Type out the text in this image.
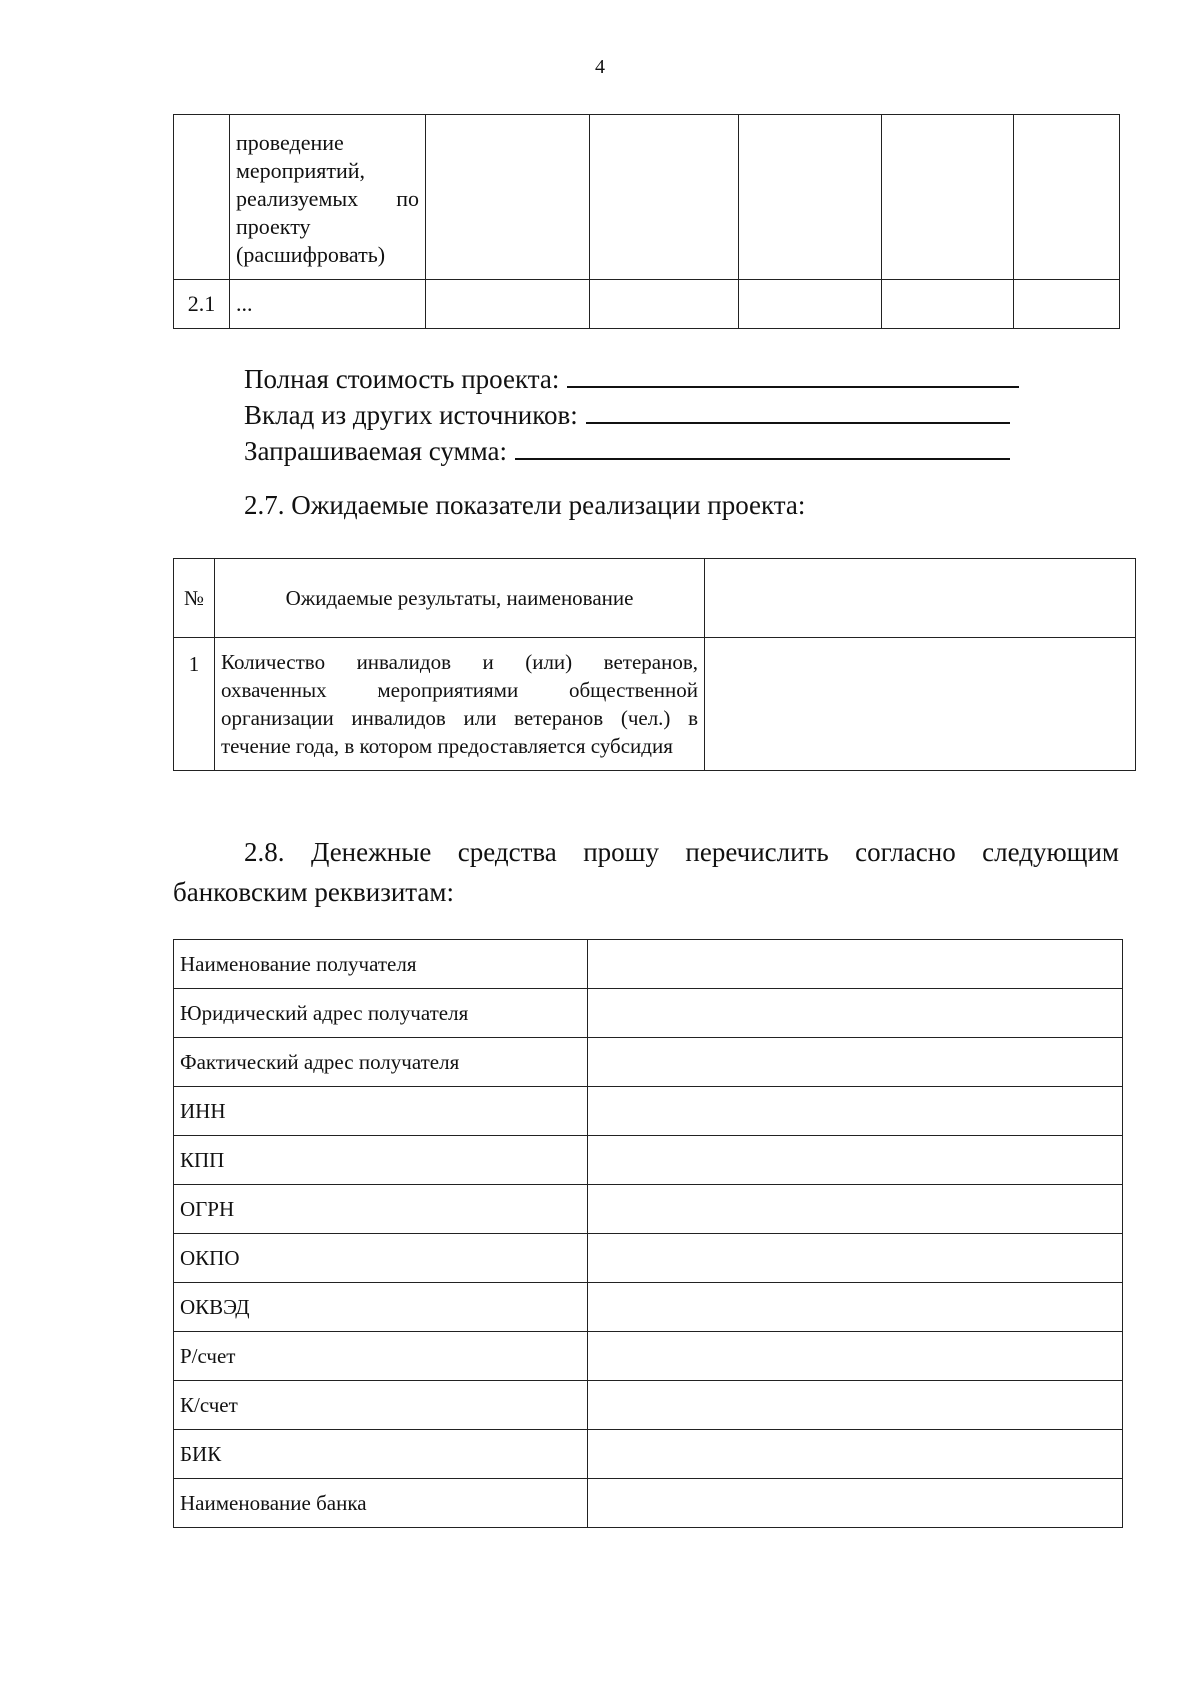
4

	проведение
мероприятий,
реализуемых по
проекту
(расшифровать)					

2.1	...					
Полная стоимость проекта:
Вклад из других источников:
Запрашиваемая сумма:
2.7. Ожидаемые показатели реализации проекта:
№	Ожидаемые результаты, наименование	
1	Количество инвалидов и (или) ветеранов, охваченных мероприятиями общественной организации инвалидов или ветеранов (чел.) в течение года, в котором предоставляется субсидия	
2.8. Денежные средства прошу перечислить согласно следующим банковским реквизитам:
Наименование получателя	
Юридический адрес получателя	
Фактический адрес получателя	
ИНН	
КПП	
ОГРН	
ОКПО	
ОКВЭД	
Р/счет	
К/счет	
БИК	
Наименование банка	
